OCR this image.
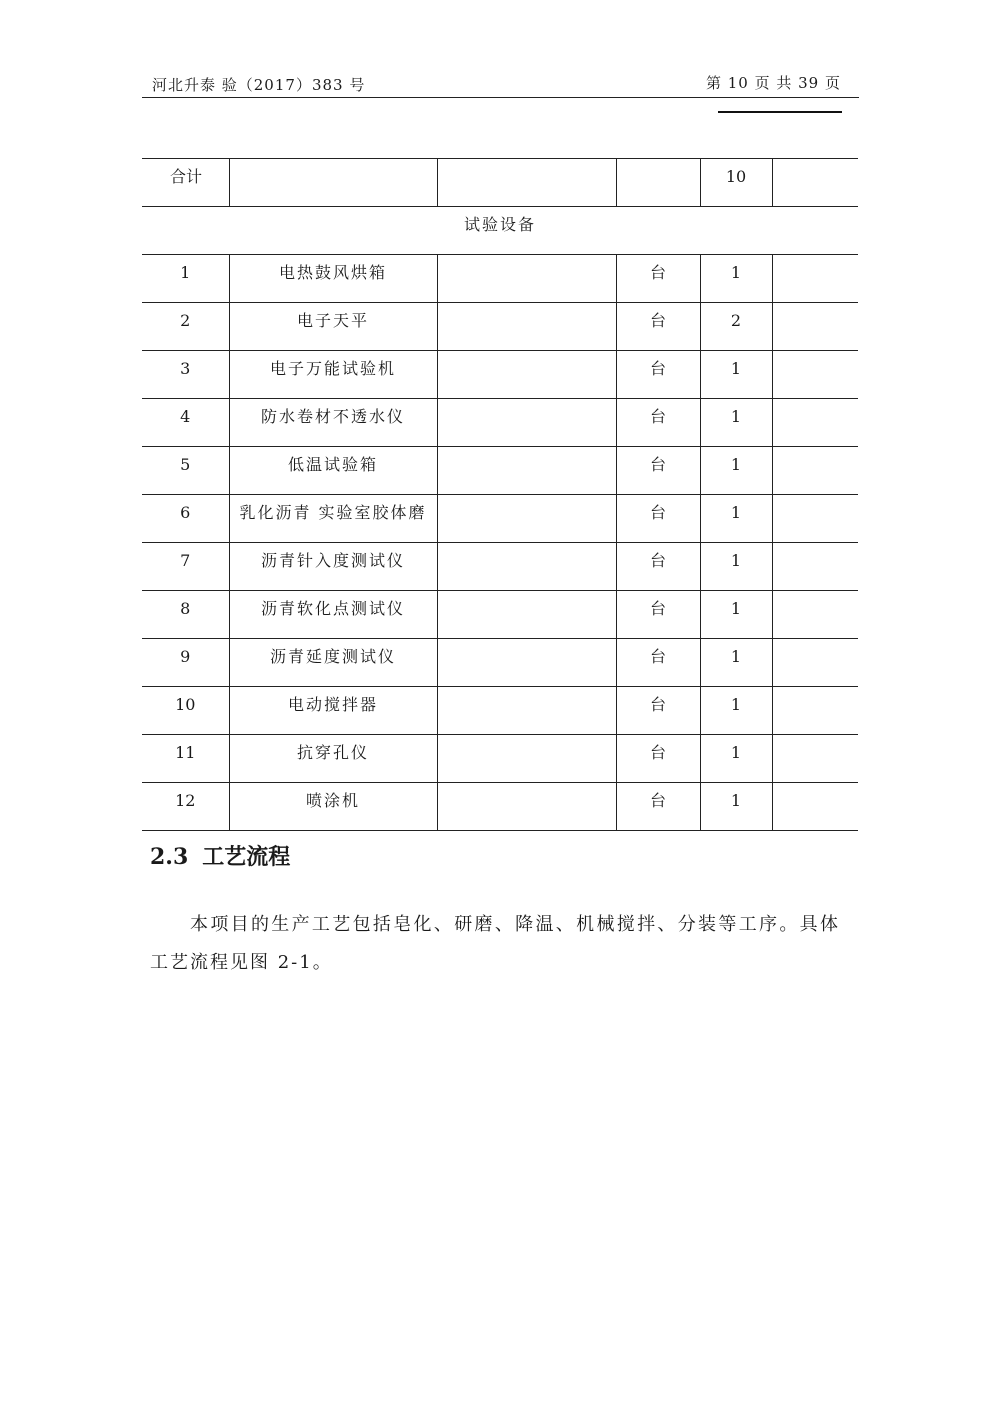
河北升泰 验（2017）383 号	第 10 页 共 39 页
合计				10	

试验设备					

1	电热鼓风烘箱		台	1	

2	电子天平		台	2	

3	电子万能试验机		台	1	

4	防水卷材不透水仪		台	1	

5	低温试验箱		台	1	

6	乳化沥青 实验室胶体磨		台	1	

7	沥青针入度测试仪		台	1	

8	沥青软化点测试仪		台	1	

9	沥青延度测试仪		台	1	

10	电动搅拌器		台	1	

11	抗穿孔仪		台	1	

12	喷涂机		台	1	

2.3 工艺流程
本项目的生产工艺包括皂化、研磨、降温、机械搅拌、分装等工序。具体工艺流程见图 2-1。
